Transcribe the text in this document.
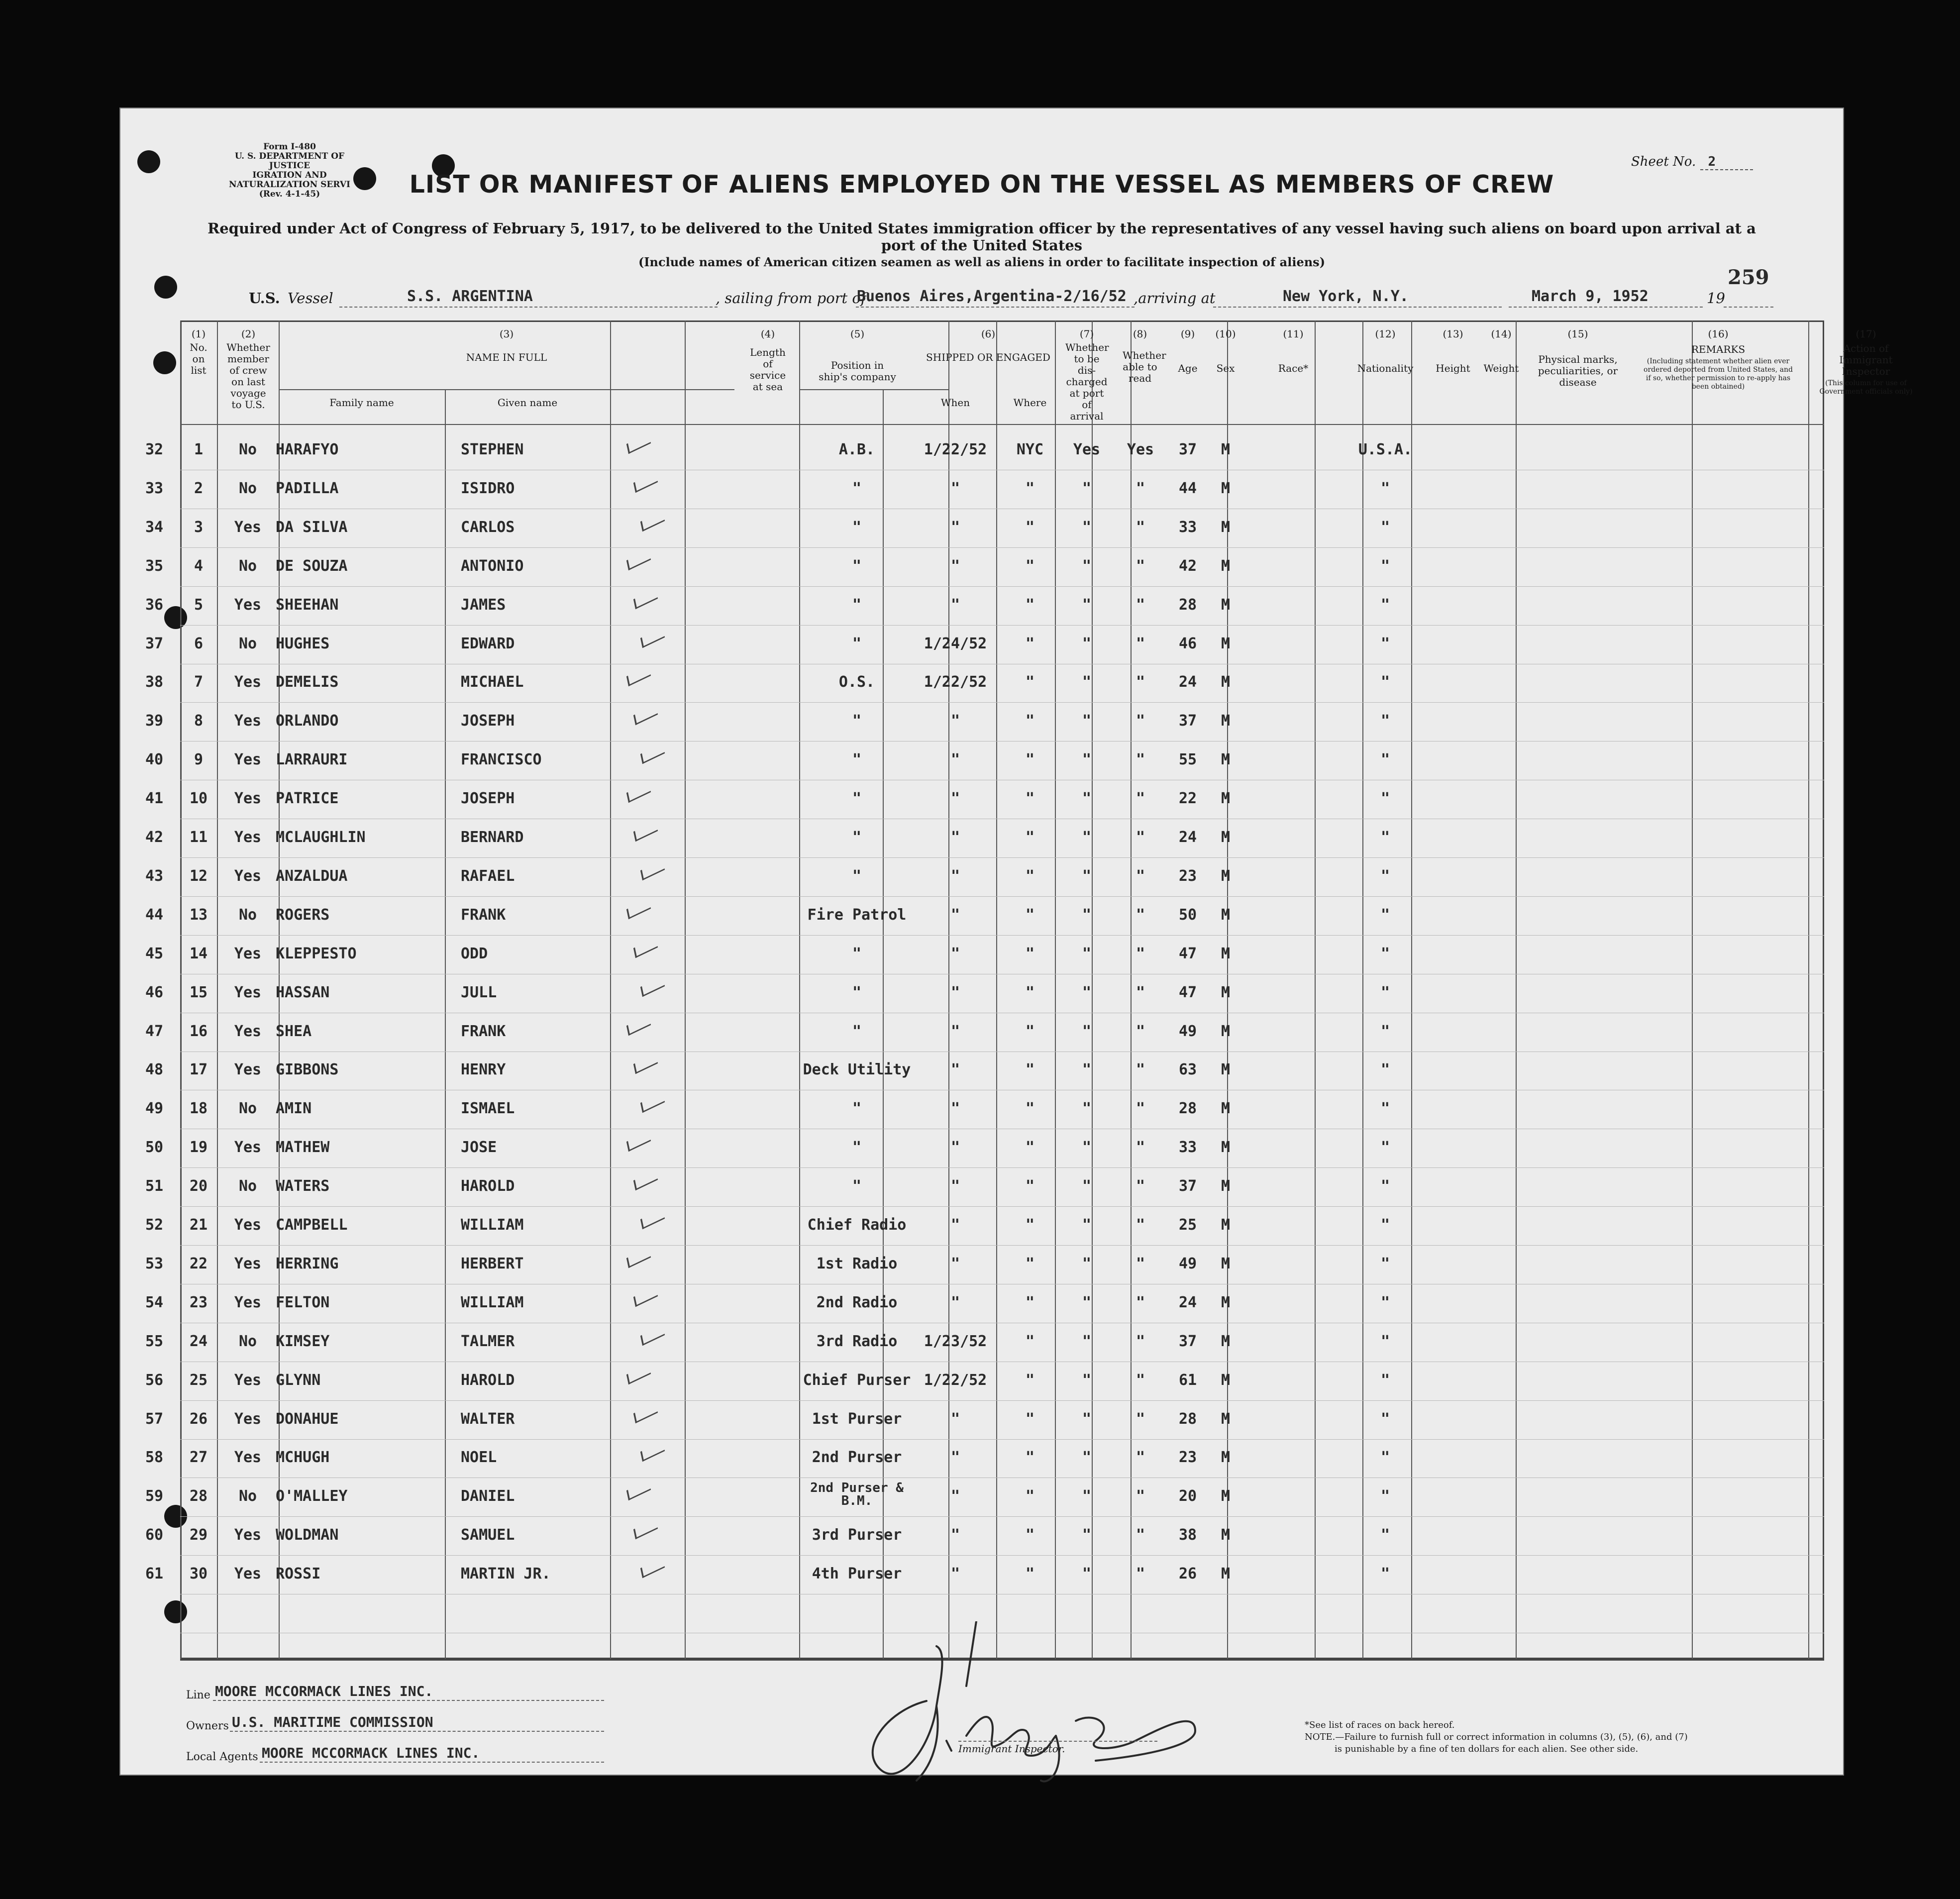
Form I-480
U. S. DEPARTMENT OF JUSTICE
IGRATION AND NATURALIZATION SERVI
(Rev. 4-1-45)
Sheet No. 2
LIST OR MANIFEST OF ALIENS EMPLOYED ON THE VESSEL AS MEMBERS OF CREW
Required under Act of Congress of February 5, 1917, to be delivered to the United States immigration officer by the representatives of any vessel having such aliens on board upon arrival at a
port of the United States
(Include names of American citizen seamen as well as aliens in order to facilitate inspection of aliens)
259
U.S. Vessel	S.S. ARGENTINA	, sailing from port of
Buenos Aires,Argentina-2/16/52 ,arriving at	New York, N.Y.	March 9, 1952	19
(1)
No. on list
(2)
Whether member of crew on last voyage to U.S.
(3)
NAME IN FULL
Family name	Given name
(4)
Length of service at sea
(5)
Position in ship's company
(6)
SHIPPED OR ENGAGED
When	Where
(7)
Whether to be dis-charged at port of arrival
(8)
Whether able to read
(9)
Age
(10)
Sex
(11)
Race*
(12)
Nationality
(13)
Height
(14)
Weight
(15)
Physical marks, peculiarities, or disease
(16)
REMARKS
(Including statement whether alien ever ordered deported from United States, and if so, whether permission to re-apply has been obtained)
(17)
Action of Immigrant Inspector
(This column for use of Government officials only)
32	1	No	HARAFYO	STEPHEN	A.B.	1/22/52	NYC	Yes	Yes	37	M	U.S.A.
33	2	No	PADILLA	ISIDRO	"	"	"	"	"	44	M	"
34	3	Yes DA SILVA	CARLOS	"	"	"	"	"	33	M	"
35	4	No	DE SOUZA	ANTONIO	"	"	"	"	"	42	M	"
36	5	Yes SHEEHAN	JAMES	"	"	"	"	"	28	M	"
37	6	No	HUGHES	EDWARD	"	1/24/52	"	"	"	46	M	"
38	7	Yes DEMELIS	MICHAEL	O.S.	1/22/52	"	"	"	24	M	"
39	8	Yes ORLANDO	JOSEPH	"	"	"	"	"	37	M	"
40	9	Yes LARRAURI	FRANCISCO	"	"	"	"	"	55	M	"
41	10	Yes PATRICE	JOSEPH	"	"	"	"	"	22	M	"
42	11	Yes MCLAUGHLIN	BERNARD	"	"	"	"	"	24	M	"
43	12	Yes ANZALDUA	RAFAEL	"	"	"	"	"	23	M	"
44	13	No	ROGERS	FRANK	Fire Patrol	"	"	"	"	50	M	"
45	14	Yes KLEPPESTO	ODD	"	"	"	"	"	47	M	"
46	15	Yes HASSAN	JULL	"	"	"	"	"	47	M	"
47	16	Yes SHEA	FRANK	"	"	"	"	"	49	M	"
48	17	Yes GIBBONS	HENRY	Deck Utility	"	"	"	"	63	M	"
49	18	No	AMIN	ISMAEL	"	"	"	"	"	28	M	"
50	19	Yes MATHEW	JOSE	"	"	"	"	"	33	M	"
51	20	No	WATERS	HAROLD	"	"	"	"	"	37	M	"
52	21	Yes CAMPBELL	WILLIAM	Chief Radio	"	"	"	"	25	M	"
53	22	Yes HERRING	HERBERT	1st Radio	"	"	"	"	49	M	"
54	23	Yes FELTON	WILLIAM	2nd Radio	"	"	"	"	24	M	"
55	24	No	KIMSEY	TALMER	3rd Radio	1/23/52	"	"	"	37	M	"
56	25	Yes GLYNN	HAROLD	Chief Purser 1/22/52	"	"	"	61	M	"
57	26	Yes DONAHUE	WALTER	1st Purser	"	"	"	"	28	M	"
58	27	Yes MCHUGH	NOEL	2nd Purser	"	"	"	"	23	M	"
59	28	No	O'MALLEY	DANIEL	2nd Purser & B.M.	"	"	"	"	20	M	"
60	29	Yes WOLDMAN	SAMUEL	3rd Purser	"	"	"	"	38	M	"
61	30	Yes ROSSI	MARTIN JR.	4th Purser	"	"	"	"	26	M	"
Line MOORE MCCORMACK LINES INC.
Owners U.S. MARITIME COMMISSION
Local Agents MOORE MCCORMACK LINES INC.	Immigrant Inspector.
*See list of races on back hereof.
NOTE.—Failure to furnish full or correct information in columns (3), (5), (6), and (7)
is punishable by a fine of ten dollars for each alien. See other side.
